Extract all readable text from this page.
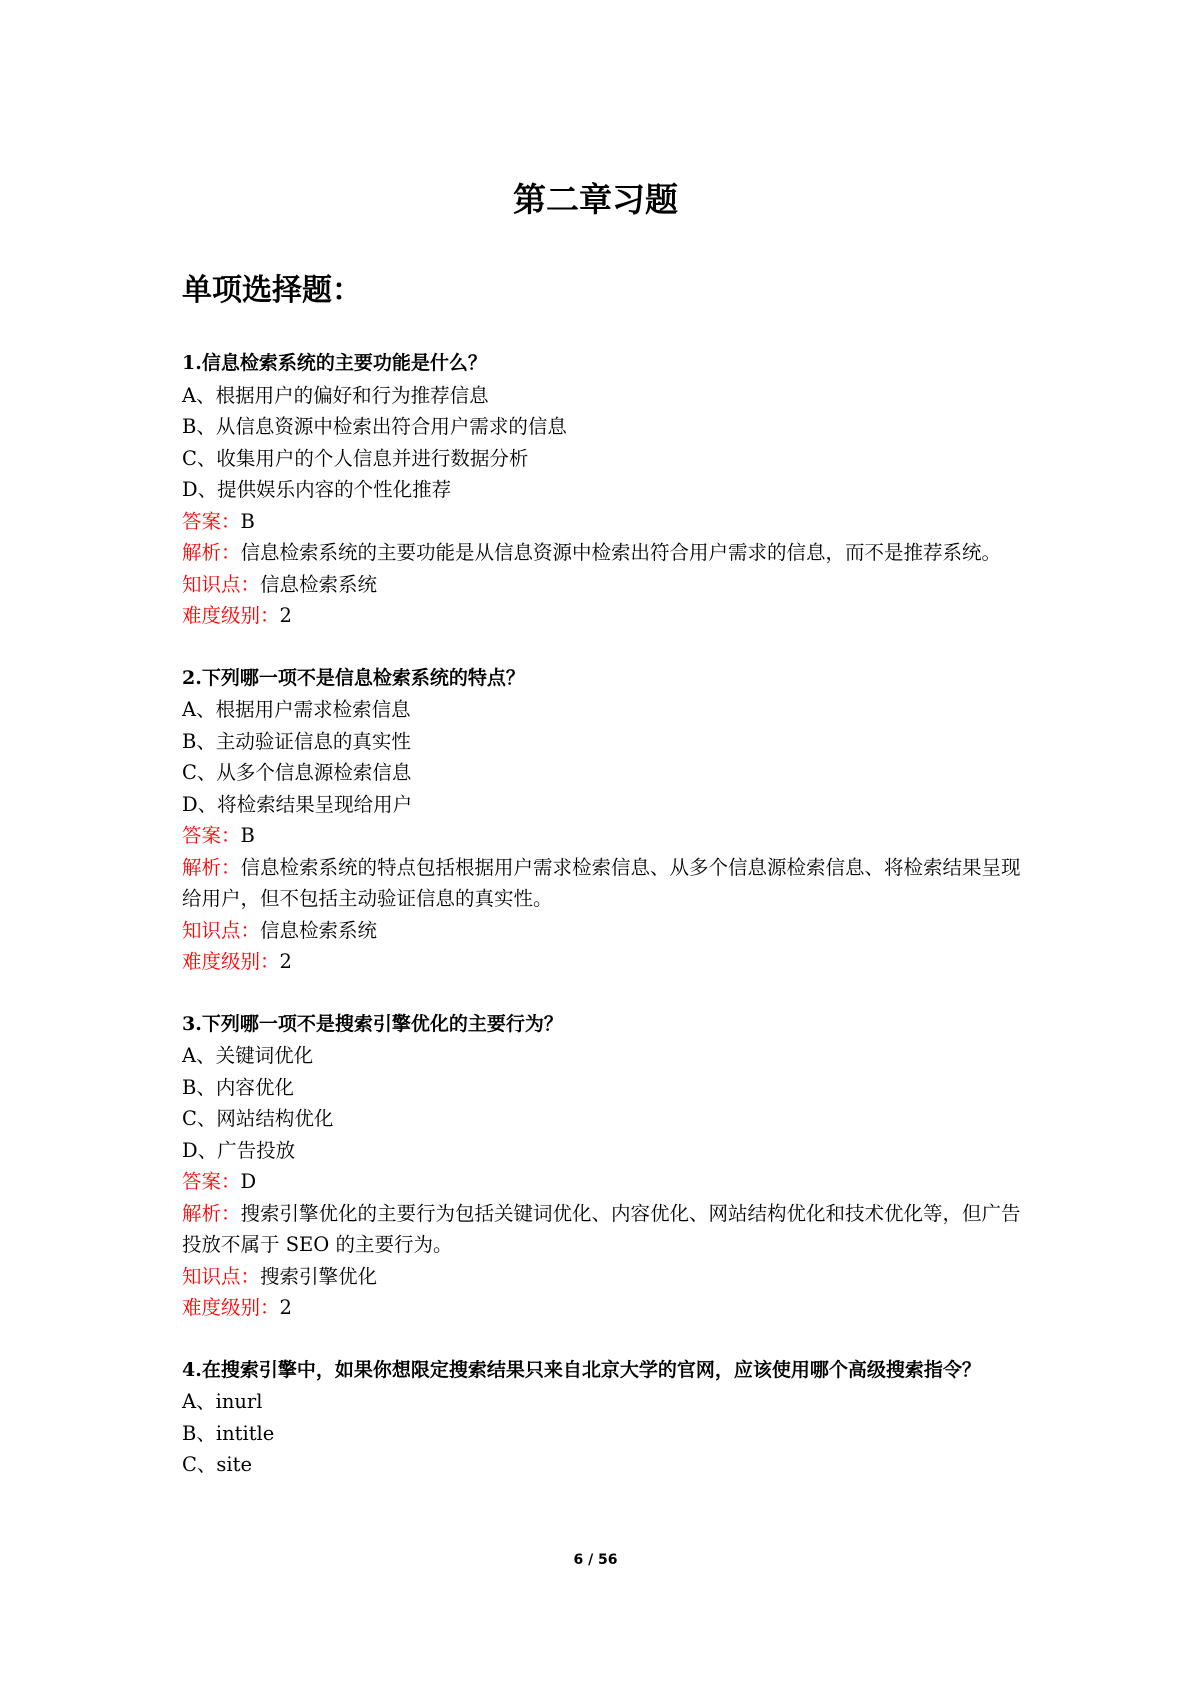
第二章习题
单项选择题：

1.信息检索系统的主要功能是什么？

A、根据用户的偏好和行为推荐信息

B、从信息资源中检索出符合用户需求的信息

C、收集用户的个人信息并进行数据分析

D、提供娱乐内容的个性化推荐

答案：B

解析：信息检索系统的主要功能是从信息资源中检索出符合用户需求的信息，而不是推荐系统。

知识点：信息检索系统

难度级别：2

2.下列哪一项不是信息检索系统的特点？

A、根据用户需求检索信息

B、主动验证信息的真实性

C、从多个信息源检索信息

D、将检索结果呈现给用户

答案：B

解析：信息检索系统的特点包括根据用户需求检索信息、从多个信息源检索信息、将检索结果呈现给用户，但不包括主动验证信息的真实性。

知识点：信息检索系统

难度级别：2

3.下列哪一项不是搜索引擎优化的主要行为？

A、关键词优化

B、内容优化

C、网站结构优化

D、广告投放

答案：D

解析：搜索引擎优化的主要行为包括关键词优化、内容优化、网站结构优化和技术优化等，但广告投放不属于 SEO 的主要行为。

知识点：搜索引擎优化

难度级别：2

4.在搜索引擎中，如果你想限定搜索结果只来自北京大学的官网，应该使用哪个高级搜索指令？

A、inurl

B、intitle

C、site

6 / 56
